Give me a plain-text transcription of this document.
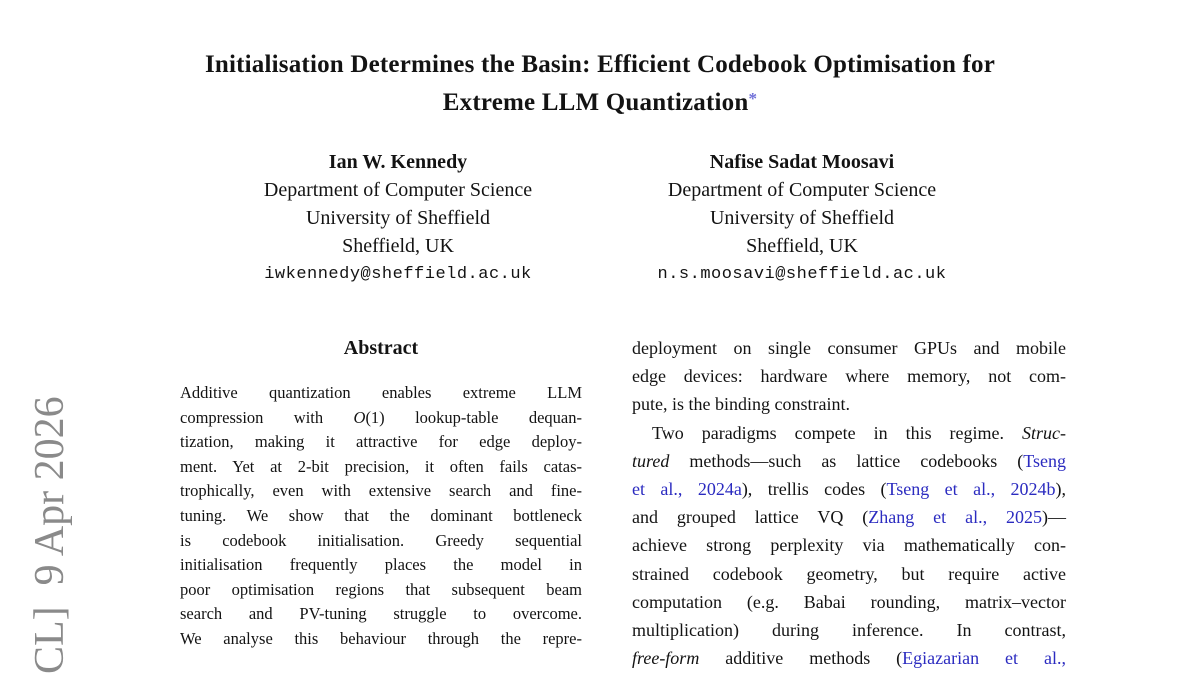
CL]  9 Apr 2026
Initialisation Determines the Basin: Efficient Codebook Optimisation for
Extreme LLM Quantization*
Ian W. Kennedy
Department of Computer Science
University of Sheffield
Sheffield, UK
iwkennedy@sheffield.ac.uk
Nafise Sadat Moosavi
Department of Computer Science
University of Sheffield
Sheffield, UK
n.s.moosavi@sheffield.ac.uk
Abstract
Additive quantization enables extreme LLM
compression with O(1) lookup-table dequan-
tization, making it attractive for edge deploy-
ment. Yet at 2-bit precision, it often fails catas-
trophically, even with extensive search and fine-
tuning. We show that the dominant bottleneck
is codebook initialisation. Greedy sequential
initialisation frequently places the model in
poor optimisation regions that subsequent beam
search and PV-tuning struggle to overcome.
We analyse this behaviour through the repre-
deployment on single consumer GPUs and mobile
edge devices: hardware where memory, not com-
pute, is the binding constraint.
Two paradigms compete in this regime. Struc-
tured methods—such as lattice codebooks (Tseng
et al., 2024a), trellis codes (Tseng et al., 2024b),
and grouped lattice VQ (Zhang et al., 2025)—
achieve strong perplexity via mathematically con-
strained codebook geometry, but require active
computation (e.g. Babai rounding, matrix–vector
multiplication) during inference. In contrast,
free-form additive methods (Egiazarian et al.,
